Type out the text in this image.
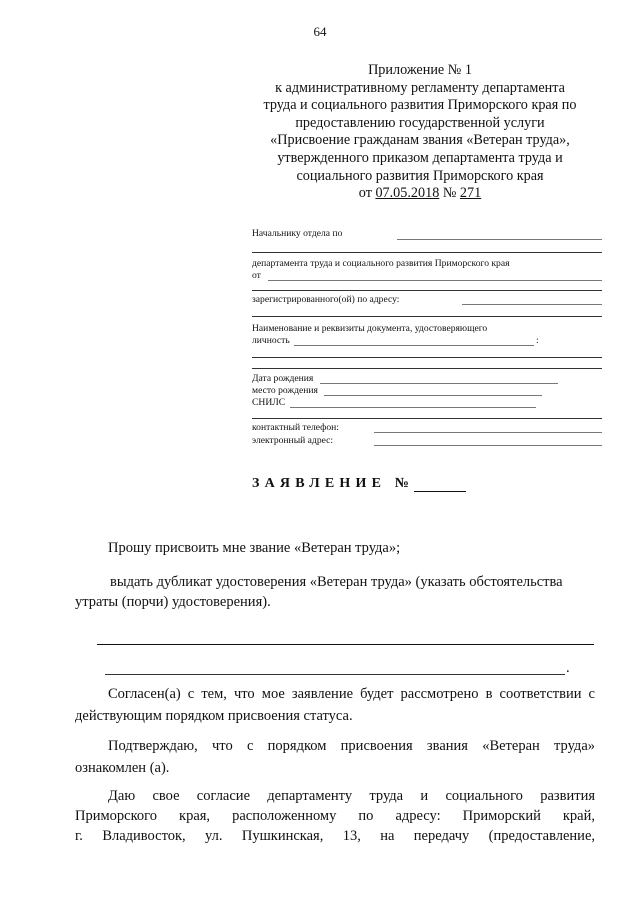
64
Приложение № 1
к административному регламенту департамента
труда и социального развития Приморского края по
предоставлению государственной услуги
«Присвоение гражданам звания «Ветеран труда»,
утвержденного приказом департамента труда и
социального развития Приморского края
от 07.05.2018 № 271
Начальнику отдела по
департамента труда и социального развития Приморского края
от
зарегистрированного(ой) по адресу:
Наименование и реквизиты документа, удостоверяющего
личность	:
Дата рождения
место рождения
СНИЛС
контактный телефон:
электронный адрес:
ЗАЯВЛЕНИЕ №
Прошу присвоить мне звание «Ветеран труда»;
выдать дубликат удостоверения «Ветеран труда» (указать обстоятельства
утраты (порчи) удостоверения).
.
Согласен(а) с тем, что мое заявление будет рассмотрено в соответствии с
действующим порядком присвоения статуса.
Подтверждаю, что с порядком присвоения звания «Ветеран труда»
ознакомлен (а).
Даю свое согласие департаменту труда и социального развития
Приморского края, расположенному по адресу: Приморский край,
г. Владивосток, ул. Пушкинская, 13, на передачу (предоставление,
